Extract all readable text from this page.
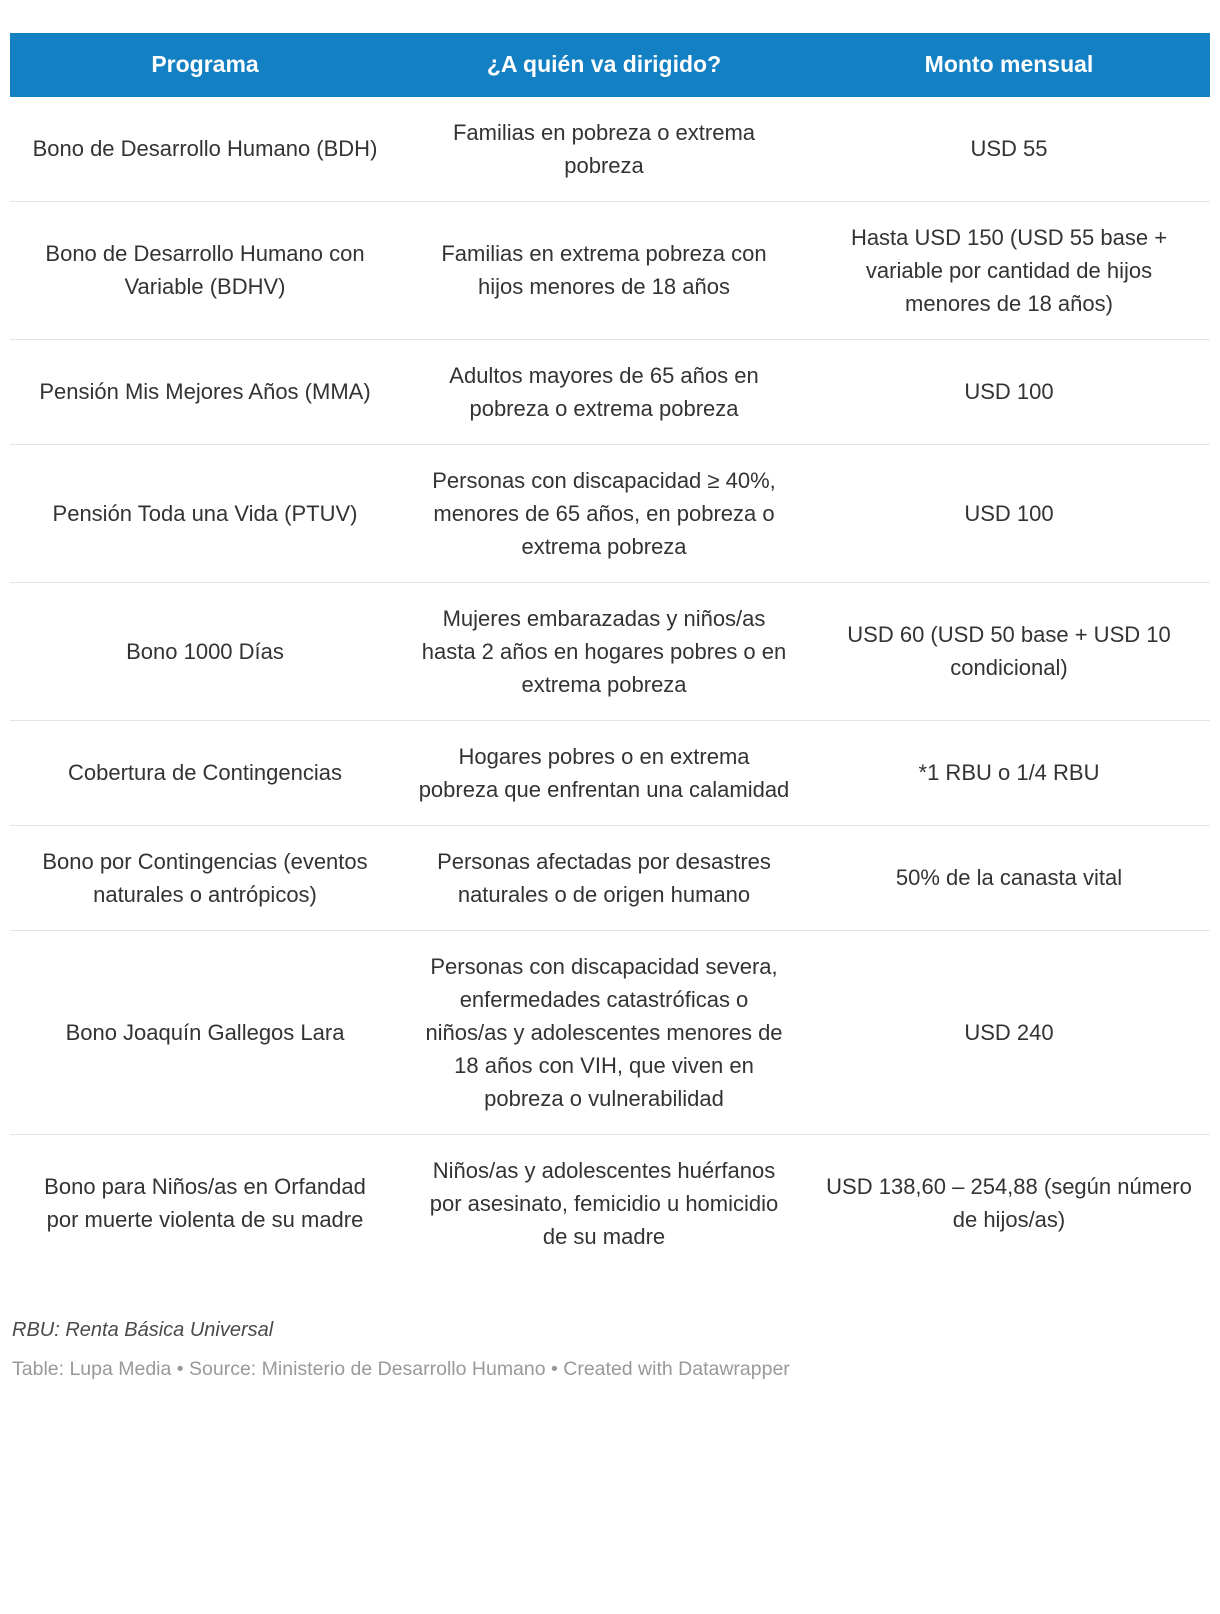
Programa	¿A quién va dirigido?	Monto mensual
Bono de Desarrollo Humano (BDH)	Familias en pobreza o extrema pobreza	USD 55
Bono de Desarrollo Humano con Variable (BDHV)	Familias en extrema pobreza con hijos menores de 18 años	Hasta USD 150 (USD 55 base + variable por cantidad de hijos menores de 18 años)
Pensión Mis Mejores Años (MMA)	Adultos mayores de 65 años en pobreza o extrema pobreza	USD 100
Pensión Toda una Vida (PTUV)	Personas con discapacidad ≥ 40%, menores de 65 años, en pobreza o extrema pobreza	USD 100
Bono 1000 Días	Mujeres embarazadas y niños/as hasta 2 años en hogares pobres o en extrema pobreza	USD 60 (USD 50 base + USD 10 condicional)
Cobertura de Contingencias	Hogares pobres o en extrema pobreza que enfrentan una calamidad	*1 RBU o 1/4 RBU
Bono por Contingencias (eventos naturales o antrópicos)	Personas afectadas por desastres naturales o de origen humano	50% de la canasta vital
Bono Joaquín Gallegos Lara	Personas con discapacidad severa, enfermedades catastróficas o niños/as y adolescentes menores de 18 años con VIH, que viven en pobreza o vulnerabilidad	USD 240
Bono para Niños/as en Orfandad por muerte violenta de su madre	Niños/as y adolescentes huérfanos por asesinato, femicidio u homicidio de su madre	USD 138,60 – 254,88 (según número de hijos/as)

RBU: Renta Básica Universal

Table: Lupa Media • Source: Ministerio de Desarrollo Humano • Created with Datawrapper
